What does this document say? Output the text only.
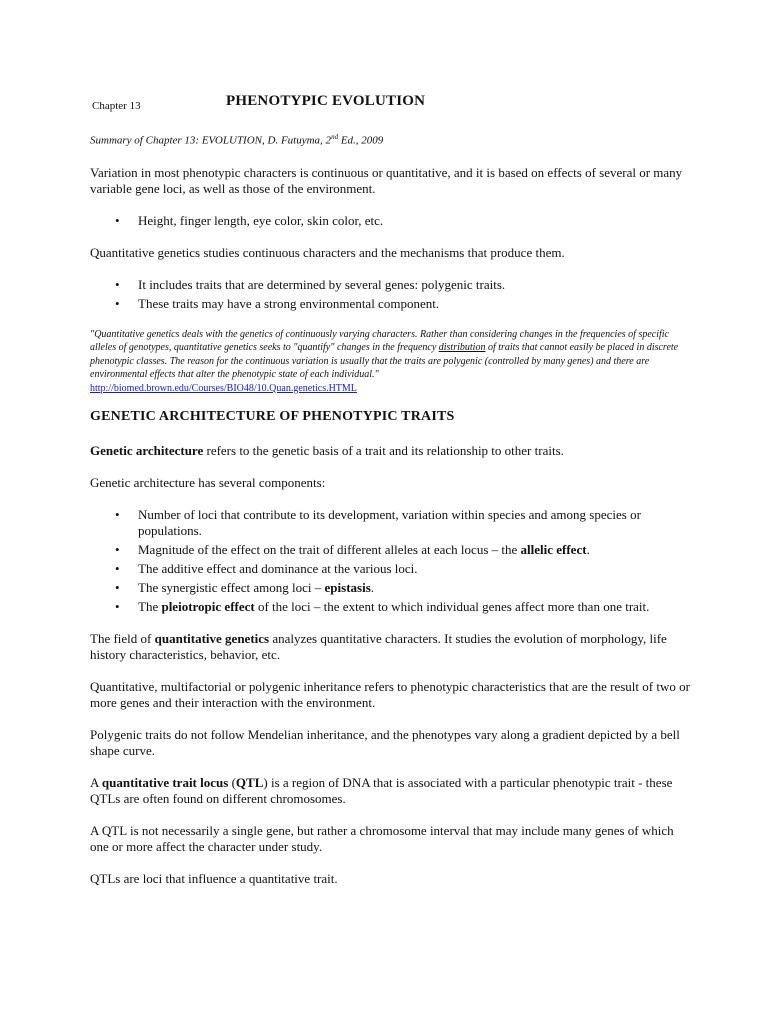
Chapter 13	PHENOTYPIC EVOLUTION

Summary of Chapter 13: EVOLUTION, D. Futuyma, 2nd Ed., 2009

Variation in most phenotypic characters is continuous or quantitative, and it is based on effects of several or many variable gene loci, as well as those of the environment.

• Height, finger length, eye color, skin color, etc.

Quantitative genetics studies continuous characters and the mechanisms that produce them.

• It includes traits that are determined by several genes: polygenic traits.
• These traits may have a strong environmental component.

"Quantitative genetics deals with the genetics of continuously varying characters. Rather than considering changes in the frequencies of specific alleles of genotypes, quantitative genetics seeks to "quantify" changes in the frequency distribution of traits that cannot easily be placed in discrete phenotypic classes. The reason for the continuous variation is usually that the traits are polygenic (controlled by many genes) and there are environmental effects that alter the phenotypic state of each individual."
http://biomed.brown.edu/Courses/BIO48/10.Quan.genetics.HTML

GENETIC ARCHITECTURE OF PHENOTYPIC TRAITS

Genetic architecture refers to the genetic basis of a trait and its relationship to other traits.

Genetic architecture has several components:

• Number of loci that contribute to its development, variation within species and among species or populations.
• Magnitude of the effect on the trait of different alleles at each locus – the allelic effect.
• The additive effect and dominance at the various loci.
• The synergistic effect among loci – epistasis.
• The pleiotropic effect of the loci – the extent to which individual genes affect more than one trait.

The field of quantitative genetics analyzes quantitative characters. It studies the evolution of morphology, life history characteristics, behavior, etc.

Quantitative, multifactorial or polygenic inheritance refers to phenotypic characteristics that are the result of two or more genes and their interaction with the environment.

Polygenic traits do not follow Mendelian inheritance, and the phenotypes vary along a gradient depicted by a bell shape curve.

A quantitative trait locus (QTL) is a region of DNA that is associated with a particular phenotypic trait - these QTLs are often found on different chromosomes.

A QTL is not necessarily a single gene, but rather a chromosome interval that may include many genes of which one or more affect the character under study.

QTLs are loci that influence a quantitative trait.
